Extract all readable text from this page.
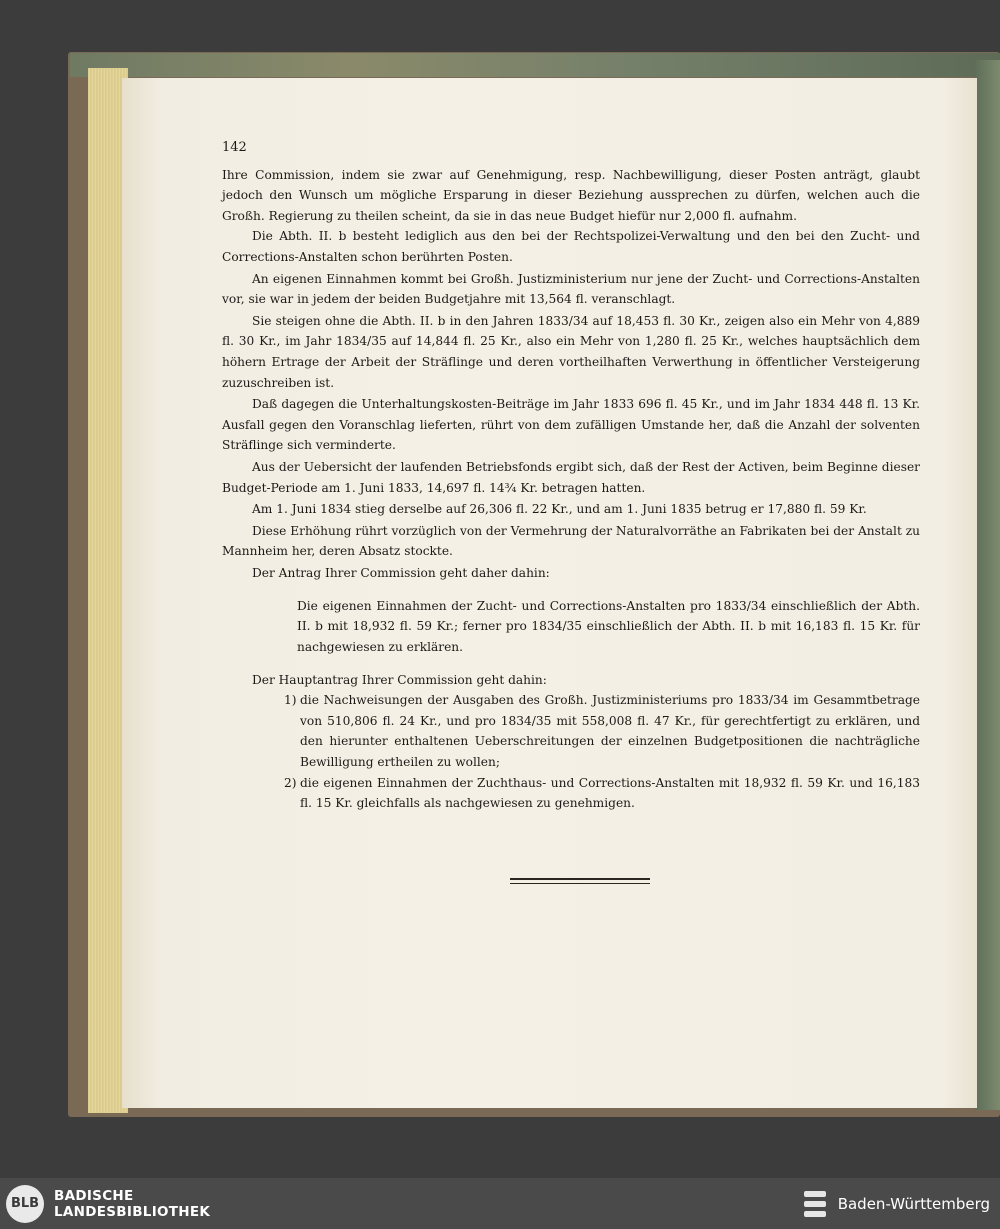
142

Ihre Commission, indem sie zwar auf Genehmigung, resp. Nachbewilligung, dieser Posten anträgt, glaubt jedoch den Wunsch um mögliche Ersparung in dieser Beziehung aussprechen zu dürfen, welchen auch die Großh. Regierung zu theilen scheint, da sie in das neue Budget hiefür nur 2,000 fl. aufnahm.

Die Abth. II. b besteht lediglich aus den bei der Rechtspolizei-Verwaltung und den bei den Zucht- und Corrections-Anstalten schon berührten Posten.

An eigenen Einnahmen kommt bei Großh. Justizministerium nur jene der Zucht- und Corrections-Anstalten vor, sie war in jedem der beiden Budgetjahre mit 13,564 fl. veranschlagt.

Sie steigen ohne die Abth. II. b in den Jahren 1833/34 auf 18,453 fl. 30 Kr., zeigen also ein Mehr von 4,889 fl. 30 Kr., im Jahr 1834/35 auf 14,844 fl. 25 Kr., also ein Mehr von 1,280 fl. 25 Kr., welches hauptsächlich dem höhern Ertrage der Arbeit der Sträflinge und deren vortheilhaften Verwerthung in öffentlicher Versteigerung zuzuschreiben ist.

Daß dagegen die Unterhaltungskosten-Beiträge im Jahr 1833 696 fl. 45 Kr., und im Jahr 1834 448 fl. 13 Kr. Ausfall gegen den Voranschlag lieferten, rührt von dem zufälligen Umstande her, daß die Anzahl der solventen Sträflinge sich verminderte.

Aus der Uebersicht der laufenden Betriebsfonds ergibt sich, daß der Rest der Activen, beim Beginne dieser Budget-Periode am 1. Juni 1833, 14,697 fl. 14¾ Kr. betragen hatten.

Am 1. Juni 1834 stieg derselbe auf 26,306 fl. 22 Kr., und am 1. Juni 1835 betrug er 17,880 fl. 59 Kr.

Diese Erhöhung rührt vorzüglich von der Vermehrung der Naturalvorräthe an Fabrikaten bei der Anstalt zu Mannheim her, deren Absatz stockte.

Der Antrag Ihrer Commission geht daher dahin:

Die eigenen Einnahmen der Zucht- und Corrections-Anstalten pro 1833/34 einschließlich der Abth. II. b mit 18,932 fl. 59 Kr.; ferner pro 1834/35 einschließlich der Abth. II. b mit 16,183 fl. 15 Kr. für nachgewiesen zu erklären.

Der Hauptantrag Ihrer Commission geht dahin:

1) die Nachweisungen der Ausgaben des Großh. Justizministeriums pro 1833/34 im Gesammtbetrage von 510,806 fl. 24 Kr., und pro 1834/35 mit 558,008 fl. 47 Kr., für gerechtfertigt zu erklären, und den hierunter enthaltenen Ueberschreitungen der einzelnen Budgetpositionen die nachträgliche Bewilligung ertheilen zu wollen;
2) die eigenen Einnahmen der Zuchthaus- und Corrections-Anstalten mit 18,932 fl. 59 Kr. und 16,183 fl. 15 Kr. gleichfalls als nachgewiesen zu genehmigen.
BLB	BADISCHE
LANDESBIBLIOTHEK	Baden-Württemberg
